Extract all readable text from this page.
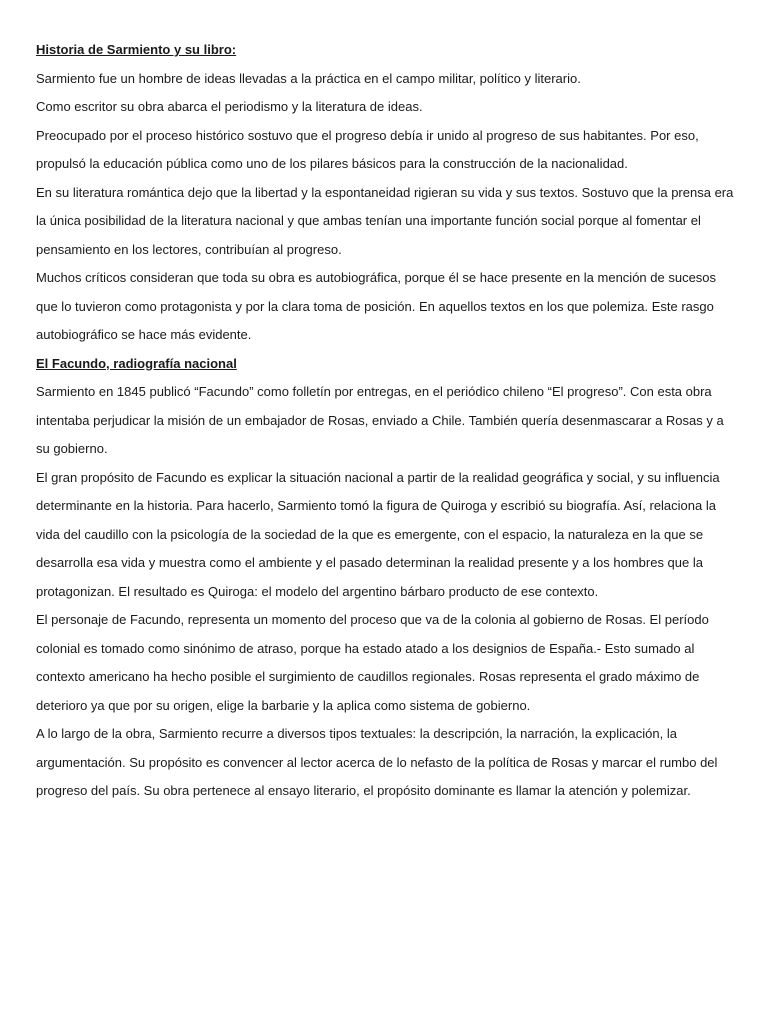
Historia de Sarmiento y su libro:

Sarmiento fue un hombre de ideas llevadas a la práctica en el campo militar, político y literario.

Como escritor su obra abarca el periodismo y la literatura de ideas.

Preocupado por el proceso histórico sostuvo que el progreso debía ir unido al progreso de sus habitantes. Por eso, propulsó la educación pública como uno de los pilares básicos para la construcción de la nacionalidad.

En su literatura romántica dejo que la libertad y la espontaneidad rigieran su vida y sus textos. Sostuvo que la prensa era la única posibilidad de la literatura nacional y que ambas tenían una importante función social porque al fomentar el pensamiento en los lectores, contribuían al progreso.

Muchos críticos consideran que toda su obra es autobiográfica, porque él se hace presente en la mención de sucesos que lo tuvieron como protagonista y por la clara toma de posición. En aquellos textos en los que polemiza. Este rasgo autobiográfico se hace más evidente.

El Facundo, radiografía nacional

Sarmiento en 1845 publicó “Facundo” como folletín por entregas, en el periódico chileno “El progreso”. Con esta obra intentaba perjudicar la misión de un embajador de Rosas, enviado a Chile. También quería desenmascarar a Rosas y a su gobierno.

El gran propósito de Facundo es explicar la situación nacional a partir de la realidad geográfica y social, y su influencia determinante en la historia. Para hacerlo, Sarmiento tomó la figura de Quiroga y escribió su biografía. Así, relaciona la vida del caudillo con la psicología de la sociedad de la que es emergente, con el espacio, la naturaleza en la que se desarrolla esa vida y muestra como el ambiente y el pasado determinan la realidad presente y a los hombres que la protagonizan. El resultado es Quiroga: el modelo del argentino bárbaro producto de ese contexto.

El personaje de Facundo, representa un momento del proceso que va de la colonia al gobierno de Rosas. El período colonial es tomado como sinónimo de atraso, porque ha estado atado a los designios de España.- Esto sumado al contexto americano ha hecho posible el surgimiento de caudillos regionales. Rosas representa el grado máximo de deterioro ya que por su origen, elige la barbarie y la aplica como sistema de gobierno.

A lo largo de la obra, Sarmiento recurre a diversos tipos textuales: la descripción, la narración, la explicación, la argumentación. Su propósito es convencer al lector acerca de lo nefasto de la política de Rosas y marcar el rumbo del progreso del país. Su obra pertenece al ensayo literario, el propósito dominante es llamar la atención y polemizar.
